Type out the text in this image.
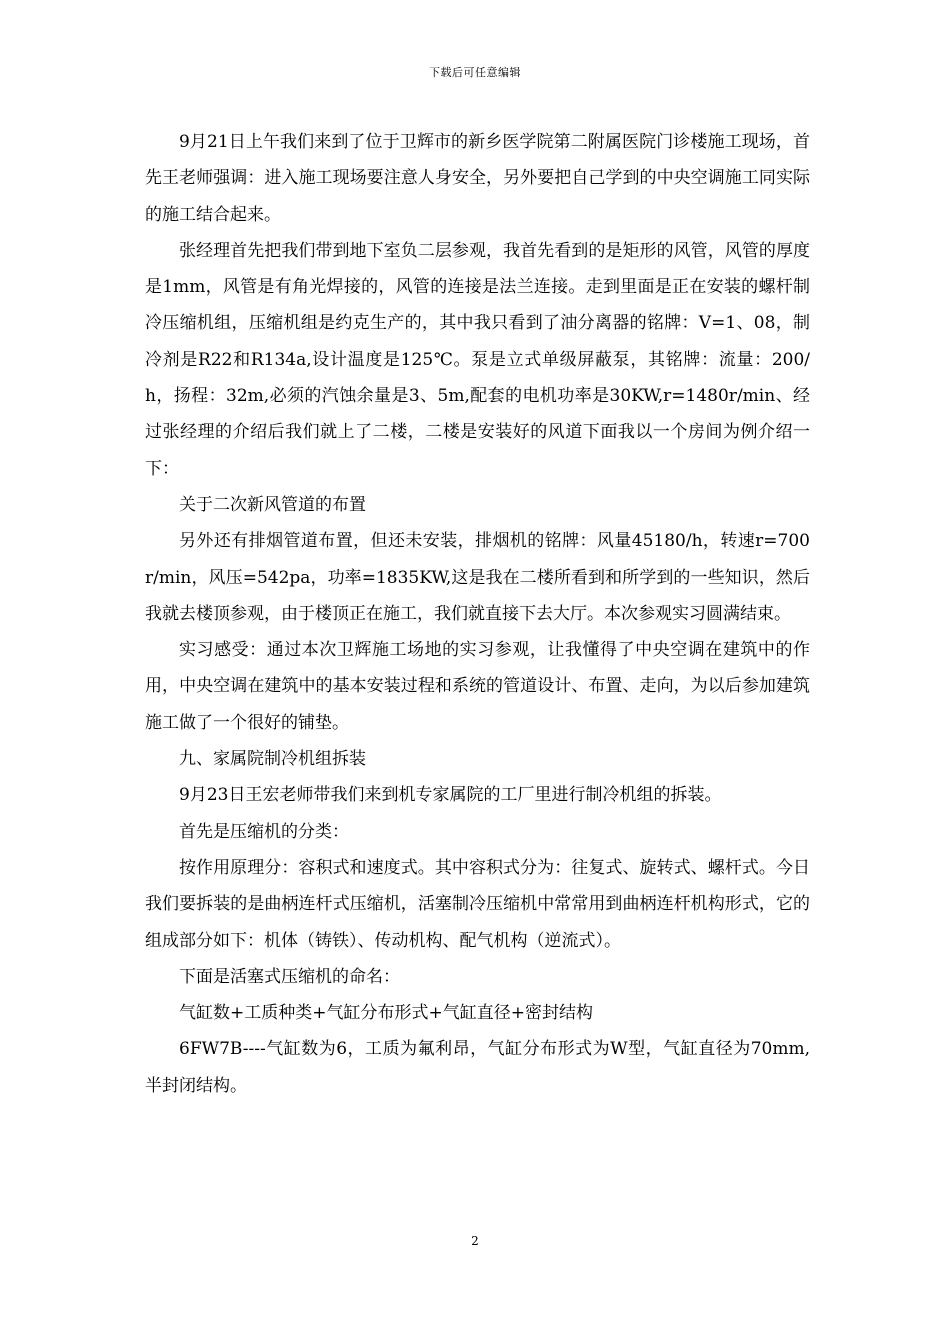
下载后可任意编辑

9月21日上午我们来到了位于卫辉市的新乡医学院第二附属医院门诊楼施工现场，首先王老师强调：进入施工现场要注意人身安全，另外要把自己学到的中央空调施工同实际的施工结合起来。

张经理首先把我们带到地下室负二层参观，我首先看到的是矩形的风管，风管的厚度是1mm，风管是有角光焊接的，风管的连接是法兰连接。走到里面是正在安装的螺杆制冷压缩机组，压缩机组是约克生产的，其中我只看到了油分离器的铭牌：V=1、08，制冷剂是R22和R134a,设计温度是125℃。泵是立式单级屏蔽泵，其铭牌：流量：200/h，扬程：32m,必须的汽蚀余量是3、5m,配套的电机功率是30KW,r=1480r/min、经过张经理的介绍后我们就上了二楼，二楼是安装好的风道下面我以一个房间为例介绍一下：

关于二次新风管道的布置

另外还有排烟管道布置，但还未安装，排烟机的铭牌：风量45180/h，转速r=700r/min，风压=542pa，功率=1835KW,这是我在二楼所看到和所学到的一些知识，然后我就去楼顶参观，由于楼顶正在施工，我们就直接下去大厅。本次参观实习圆满结束。

实习感受：通过本次卫辉施工场地的实习参观，让我懂得了中央空调在建筑中的作用，中央空调在建筑中的基本安装过程和系统的管道设计、布置、走向，为以后参加建筑施工做了一个很好的铺垫。

九、家属院制冷机组拆装

9月23日王宏老师带我们来到机专家属院的工厂里进行制冷机组的拆装。

首先是压缩机的分类：

按作用原理分：容积式和速度式。其中容积式分为：往复式、旋转式、螺杆式。今日我们要拆装的是曲柄连杆式压缩机，活塞制冷压缩机中常常用到曲柄连杆机构形式，它的组成部分如下：机体（铸铁）、传动机构、配气机构（逆流式）。

下面是活塞式压缩机的命名：

气缸数+工质种类+气缸分布形式+气缸直径+密封结构

6FW7B----气缸数为6，工质为氟利昂，气缸分布形式为W型，气缸直径为70mm,半封闭结构。

2
